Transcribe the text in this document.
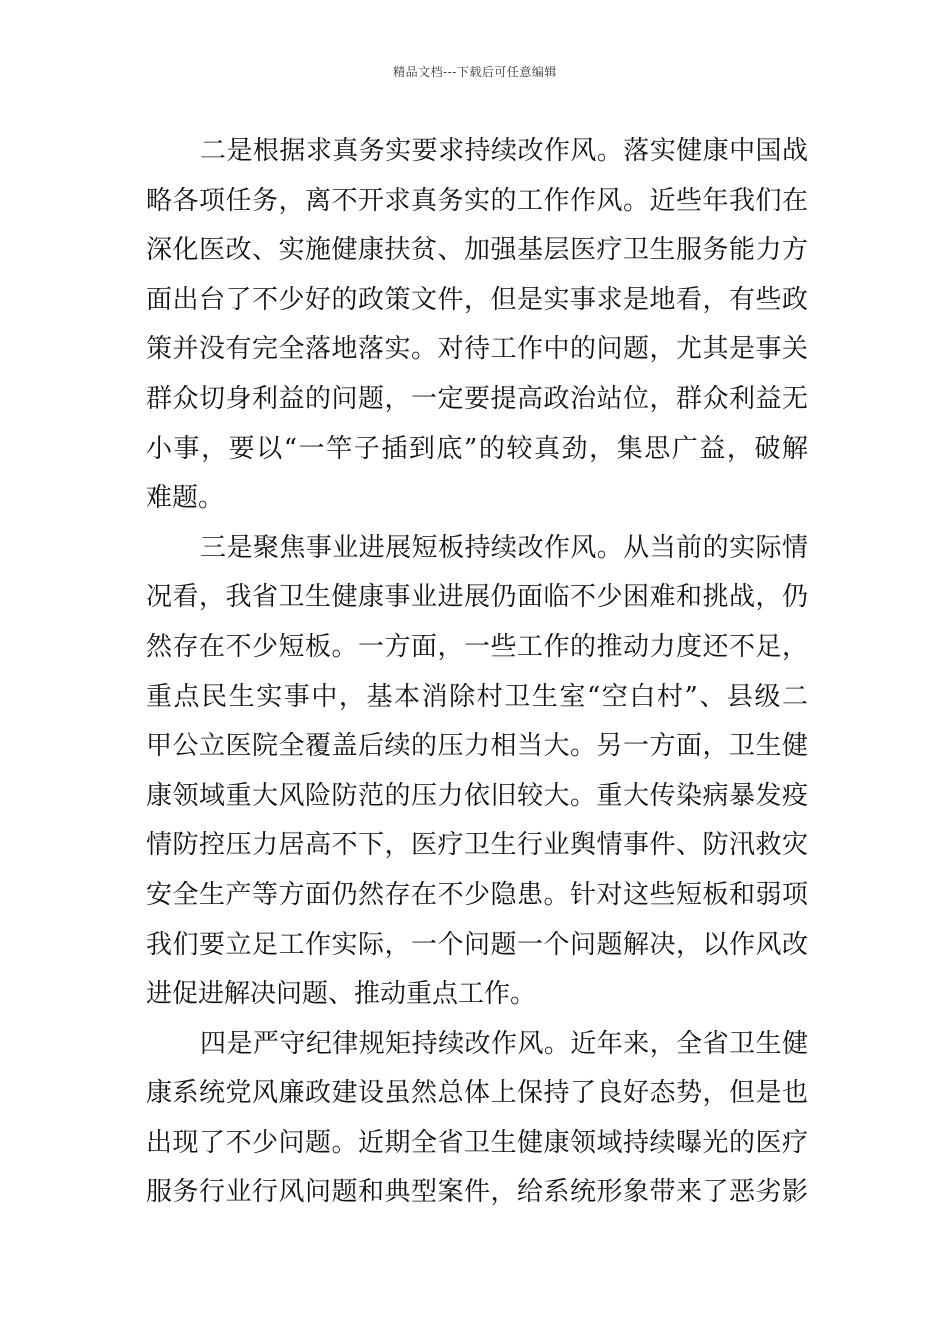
精品文档---下载后可任意编辑
二是根据求真务实要求持续改作风。落实健康中国战
略各项任务，离不开求真务实的工作作风。近些年我们在
深化医改、实施健康扶贫、加强基层医疗卫生服务能力方
面出台了不少好的政策文件，但是实事求是地看，有些政
策并没有完全落地落实。对待工作中的问题，尤其是事关
群众切身利益的问题，一定要提高政治站位，群众利益无
小事，要以“一竿子插到底”的较真劲，集思广益，破解
难题。
三是聚焦事业进展短板持续改作风。从当前的实际情
况看，我省卫生健康事业进展仍面临不少困难和挑战，仍
然存在不少短板。一方面，一些工作的推动力度还不足，
重点民生实事中，基本消除村卫生室“空白村”、县级二
甲公立医院全覆盖后续的压力相当大。另一方面，卫生健
康领域重大风险防范的压力依旧较大。重大传染病暴发疫
情防控压力居高不下，医疗卫生行业舆情事件、防汛救灾
安全生产等方面仍然存在不少隐患。针对这些短板和弱项
我们要立足工作实际，一个问题一个问题解决，以作风改
进促进解决问题、推动重点工作。
四是严守纪律规矩持续改作风。近年来，全省卫生健
康系统党风廉政建设虽然总体上保持了良好态势，但是也
出现了不少问题。近期全省卫生健康领域持续曝光的医疗
服务行业行风问题和典型案件，给系统形象带来了恶劣影
